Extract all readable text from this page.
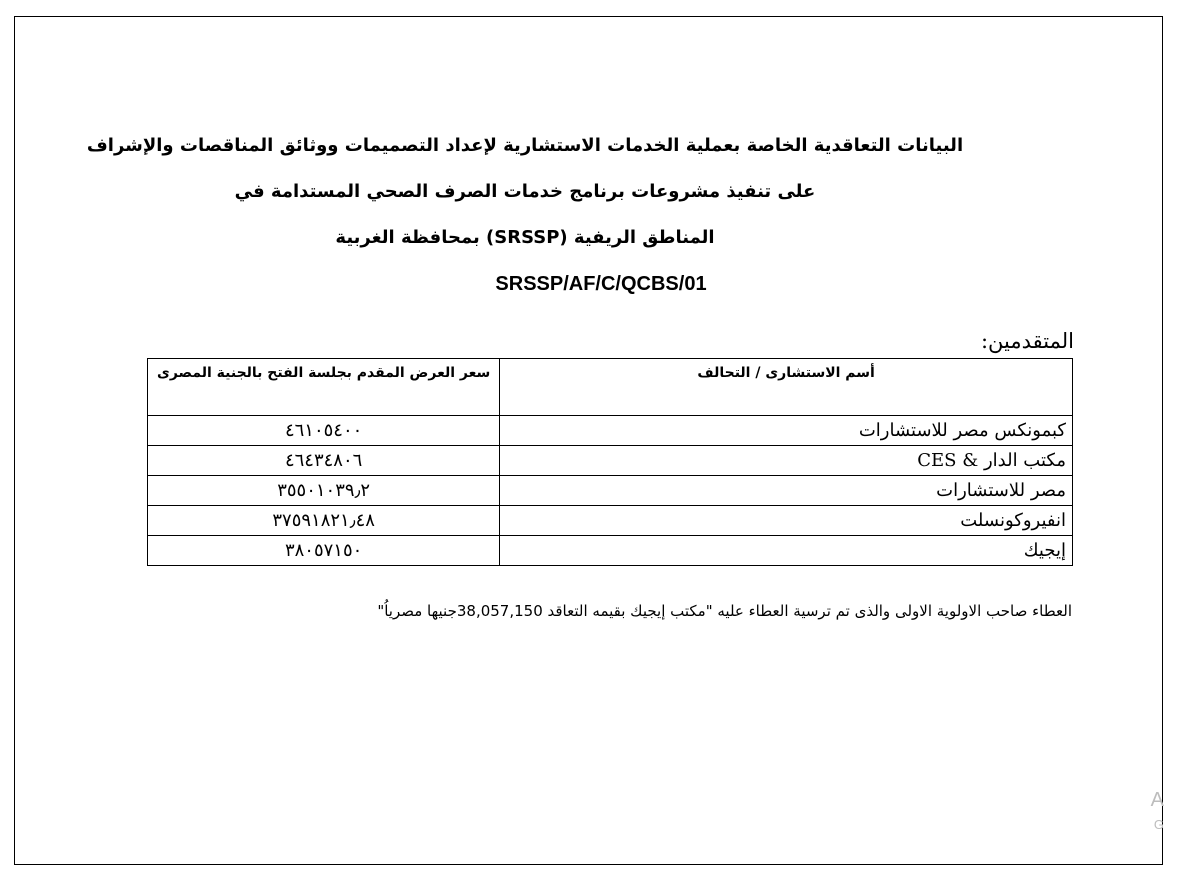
البيانات التعاقدية الخاصة بعملية الخدمات الاستشارية لإعداد التصميمات ووثائق المناقصات والإشراف
على تنفيذ مشروعات برنامج خدمات الصرف الصحي المستدامة في
المناطق الريفية (SRSSP) بمحافظة الغربية
SRSSP/AF/C/QCBS/01
المتقدمين:
أسم الاستشارى / التحالف	سعر العرض المقدم بجلسة الفتح بالجنية المصرى
كبمونكس مصر للاستشارات	٤٦١٠٥٤٠٠
مكتب الدار & CES	٤٦٤٣٤٨٠٦
مصر للاستشارات	٣٥٥٠١٠٣٩٫٢
انفيروكونسلت	٣٧٥٩١٨٢١٫٤٨
إيجيك	٣٨٠٥٧١٥٠
العطاء صاحب الاولوية الاولى والذى تم ترسية العطاء عليه "مكتب إيجيك بقيمه التعاقد 38,057,150جنيها مصرياُ"
A
G
